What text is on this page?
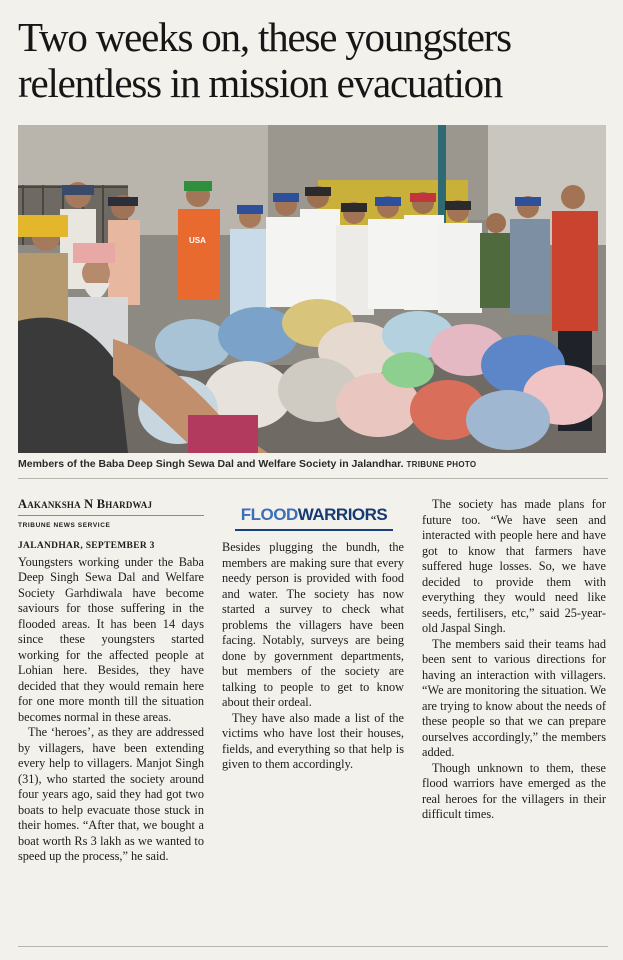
Two weeks on, these youngsters relentless in mission evacuation
USA
Members of the Baba Deep Singh Sewa Dal and Welfare Society in Jalandhar. TRIBUNE PHOTO
Aakanksha N Bhardwaj
TRIBUNE NEWS SERVICE
JALANDHAR, SEPTEMBER 3

Youngsters working under the Baba Deep Singh Sewa Dal and Welfare Society Garhdiwala have become saviours for those suffering in the flooded areas. It has been 14 days since these youngsters started working for the affected people at Lohian here. Besides, they have decided that they would remain here for one more month till the situation becomes normal in these areas.

The ‘heroes’, as they are addressed by villagers, have been extending every help to villagers. Manjot Singh (31), who started the society around four years ago, said they had got two boats to help evacuate those stuck in their homes. “After that, we bought a boat worth Rs 3 lakh as we wanted to speed up the process,” he said.

FLOODWARRIORS

Besides plugging the bundh, the members are making sure that every needy person is provided with food and water. The society has now started a survey to check what problems the villagers have been facing. Notably, surveys are being done by government departments, but members of the society are talking to people to get to know about their ordeal.

They have also made a list of the victims who have lost their houses, fields, and everything so that help is given to them accordingly.

The society has made plans for future too. “We have seen and interacted with people here and have got to know that farmers have suffered huge losses. So, we have decided to provide them with everything they would need like seeds, fertilisers, etc,” said 25-year-old Jaspal Singh.

The members said their teams had been sent to various directions for having an interaction with villagers. “We are monitoring the situation. We are trying to know about the needs of these people so that we can prepare ourselves accordingly,” the members added.

Though unknown to them, these flood warriors have emerged as the real heroes for the villagers in their difficult times.
